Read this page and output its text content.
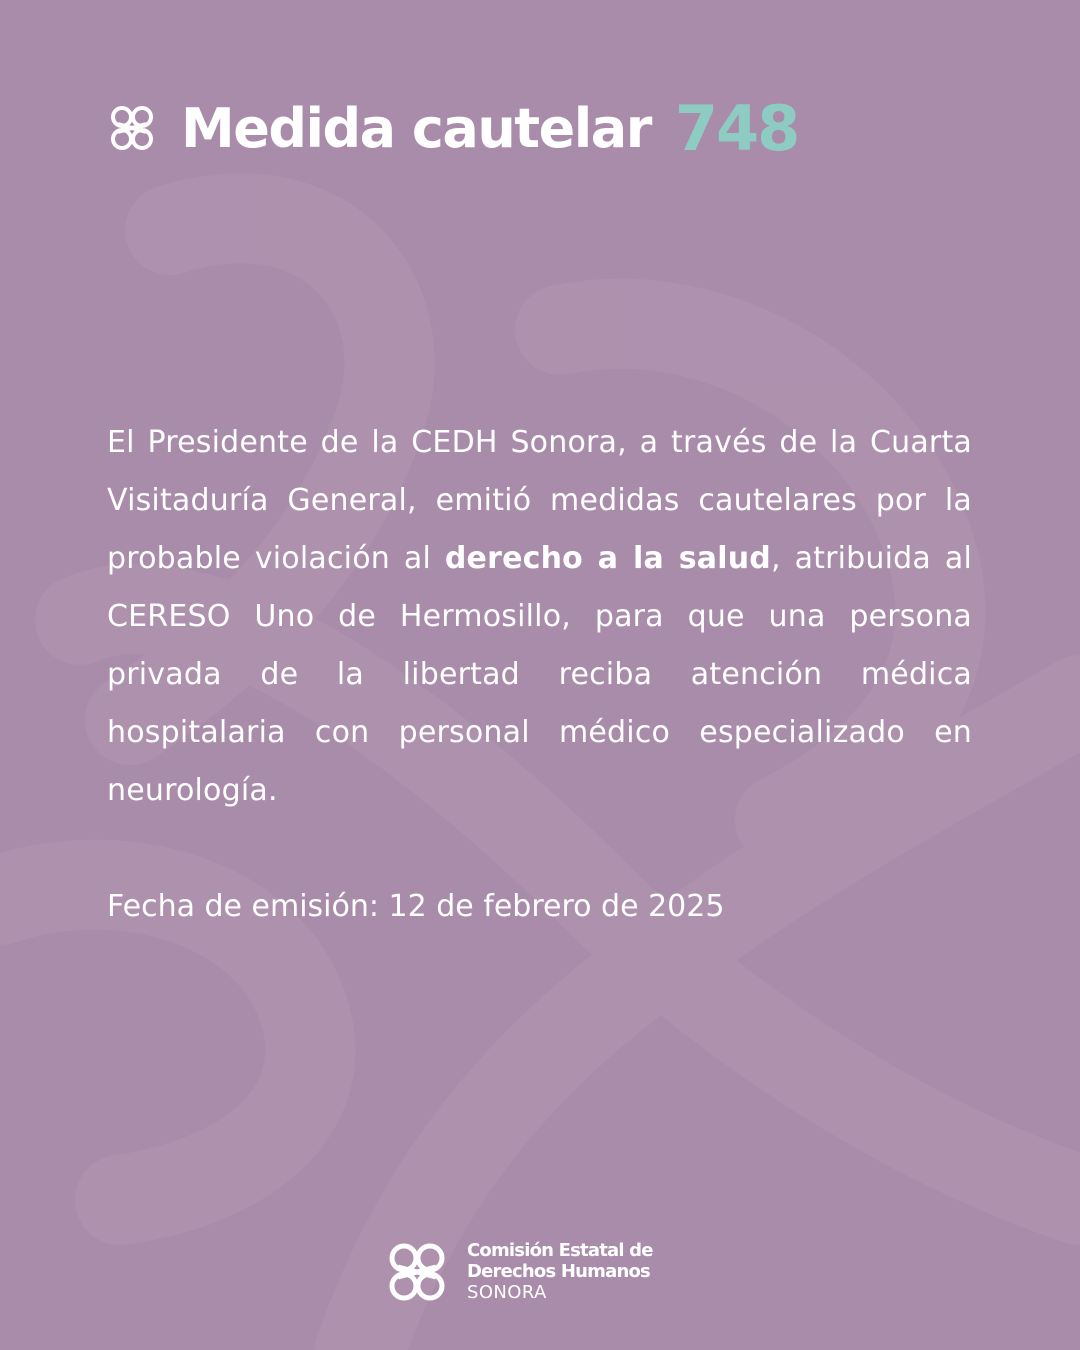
Medida cautelar 748
El Presidente de la CEDH Sonora, a través de la Cuarta Visitaduría General, emitió medidas cautelares por la probable violación al derecho a la salud, atribuida al CERESO Uno de Hermosillo, para que una persona privada de la libertad reciba atención médica hospitalaria con personal médico especializado en neurología.
Fecha de emisión: 12 de febrero de 2025
Comisión Estatal de
Derechos Humanos
SONORA
